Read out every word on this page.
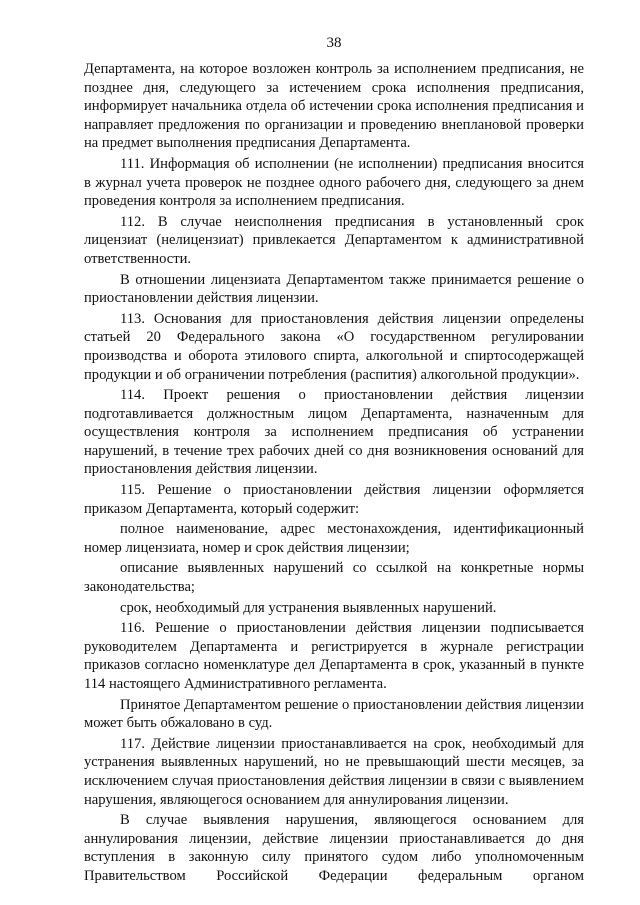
38

Департамента, на которое возложен контроль за исполнением предписания, не позднее дня, следующего за истечением срока исполнения предписания, информирует начальника отдела об истечении срока исполнения предписания и направляет предложения по организации и проведению внеплановой проверки на предмет выполнения предписания Департамента.

111. Информация об исполнении (не исполнении) предписания вносится в журнал учета проверок не позднее одного рабочего дня, следующего за днем проведения контроля за исполнением предписания.

112. В случае неисполнения предписания в установленный срок лицензиат (нелицензиат) привлекается Департаментом к административной ответственности.

В отношении лицензиата Департаментом также принимается решение о приостановлении действия лицензии.

113. Основания для приостановления действия лицензии определены статьей 20 Федерального закона «О государственном регулировании производства и оборота этилового спирта, алкогольной и спиртосодержащей продукции и об ограничении потребления (распития) алкогольной продукции».

114. Проект решения о приостановлении действия лицензии подготавливается должностным лицом Департамента, назначенным для осуществления контроля за исполнением предписания об устранении нарушений, в течение трех рабочих дней со дня возникновения оснований для приостановления действия лицензии.

115. Решение о приостановлении действия лицензии оформляется приказом Департамента, который содержит:

полное наименование, адрес местонахождения, идентификационный номер лицензиата, номер и срок действия лицензии;

описание выявленных нарушений со ссылкой на конкретные нормы законодательства;

срок, необходимый для устранения выявленных нарушений.

116. Решение о приостановлении действия лицензии подписывается руководителем Департамента и регистрируется в журнале регистрации приказов согласно номенклатуре дел Департамента в срок, указанный в пункте 114 настоящего Административного регламента.

Принятое Департаментом решение о приостановлении действия лицензии может быть обжаловано в суд.

117. Действие лицензии приостанавливается на срок, необходимый для устранения выявленных нарушений, но не превышающий шести месяцев, за исключением случая приостановления действия лицензии в связи с выявлением нарушения, являющегося основанием для аннулирования лицензии.

В случае выявления нарушения, являющегося основанием для аннулирования лицензии, действие лицензии приостанавливается до дня вступления в законную силу принятого судом либо уполномоченным Правительством Российской Федерации федеральным органом
